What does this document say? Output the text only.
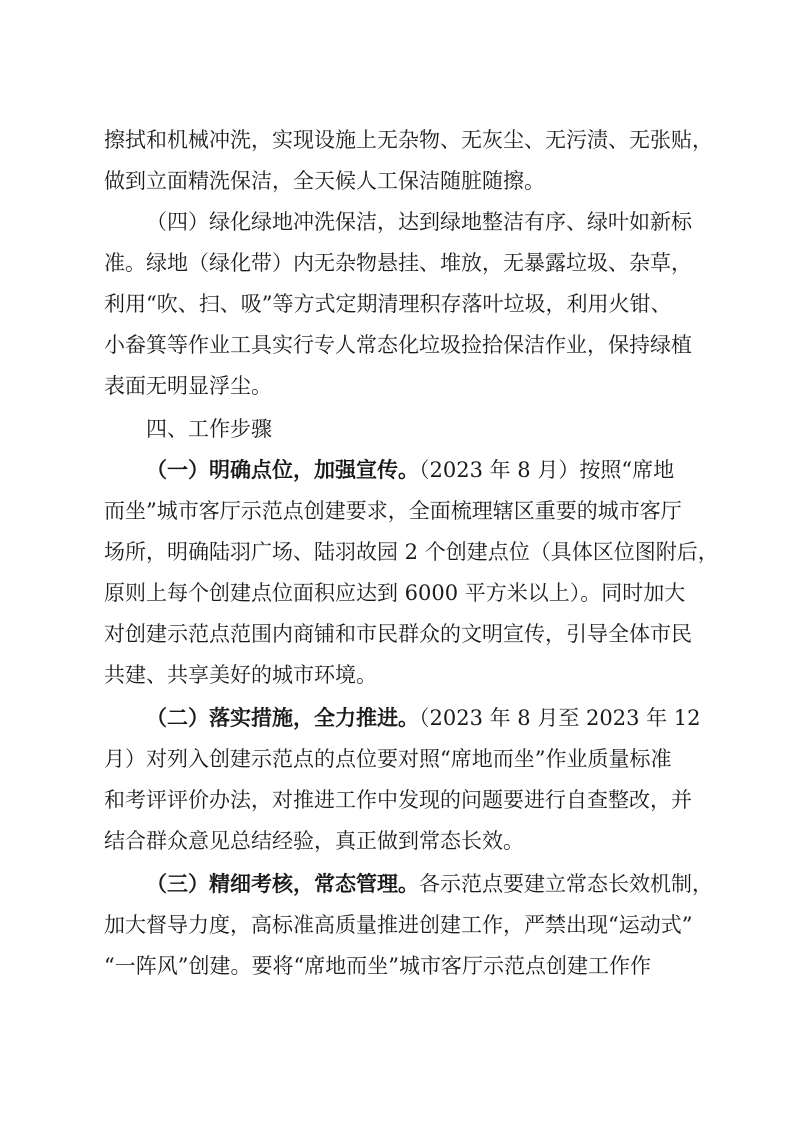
擦拭和机械冲洗，实现设施上无杂物、无灰尘、无污渍、无张贴，
做到立面精洗保洁，全天候人工保洁随脏随擦。
（四）绿化绿地冲洗保洁，达到绿地整洁有序、绿叶如新标
准。绿地（绿化带）内无杂物悬挂、堆放，无暴露垃圾、杂草，
利用“吹、扫、吸”等方式定期清理积存落叶垃圾，利用火钳、
小畚箕等作业工具实行专人常态化垃圾捡拾保洁作业，保持绿植
表面无明显浮尘。
四、工作步骤
（一）明确点位，加强宣传。（2023 年 8 月）按照“席地
而坐”城市客厅示范点创建要求，全面梳理辖区重要的城市客厅
场所，明确陆羽广场、陆羽故园 2 个创建点位（具体区位图附后，
原则上每个创建点位面积应达到 6000 平方米以上）。同时加大
对创建示范点范围内商铺和市民群众的文明宣传，引导全体市民
共建、共享美好的城市环境。
（二）落实措施，全力推进。（2023 年 8 月至 2023 年 12
月）对列入创建示范点的点位要对照“席地而坐”作业质量标准
和考评评价办法，对推进工作中发现的问题要进行自查整改，并
结合群众意见总结经验，真正做到常态长效。
（三）精细考核，常态管理。各示范点要建立常态长效机制，
加大督导力度，高标准高质量推进创建工作，严禁出现“运动式”
“一阵风”创建。要将“席地而坐”城市客厅示范点创建工作作
